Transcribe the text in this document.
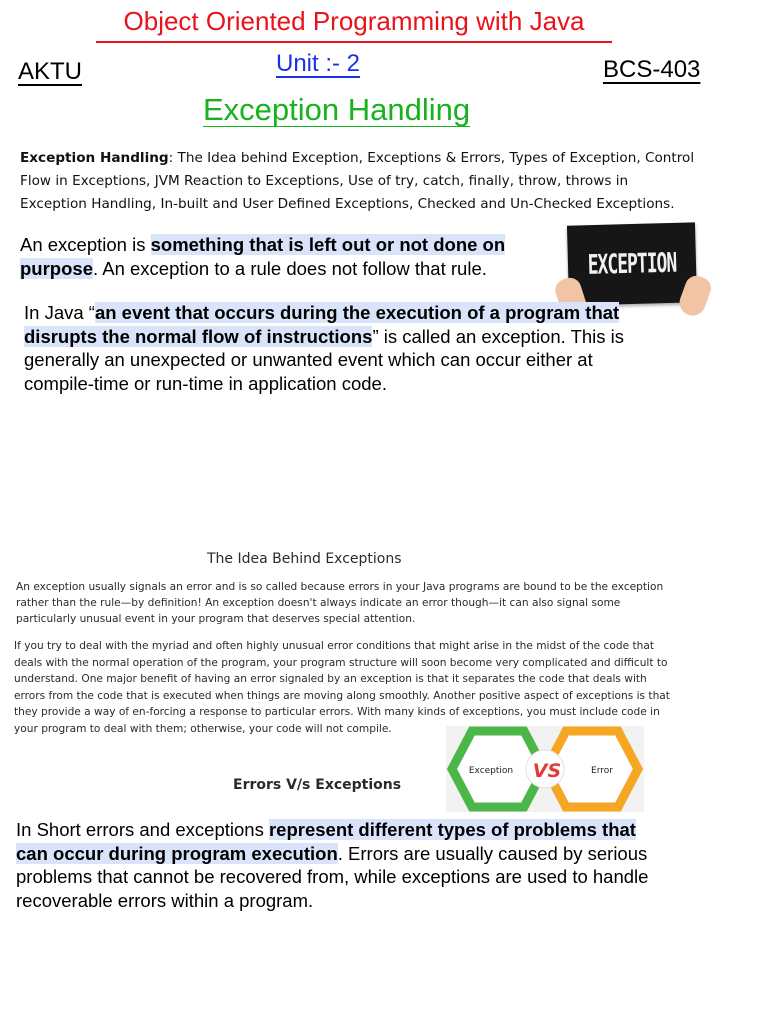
Object Oriented Programming with Java
AKTU	Unit :- 2	BCS-403
Exception Handling
Exception Handling: The Idea behind Exception, Exceptions & Errors, Types of Exception, Control Flow in Exceptions, JVM Reaction to Exceptions, Use of try, catch, finally, throw, throws in Exception Handling, In-built and User Defined Exceptions, Checked and Un-Checked Exceptions.
An exception is something that is left out or not done on purpose. An exception to a rule does not follow that rule.	EXCEPTION
In Java “an event that occurs during the execution of a program that disrupts the normal flow of instructions” is called an exception. This is generally an unexpected or unwanted event which can occur either at compile-time or run-time in application code.
The Idea Behind Exceptions
An exception usually signals an error and is so called because errors in your Java programs are bound to be the exception rather than the rule—by definition! An exception doesn't always indicate an error though—it can also signal some particularly unusual event in your program that deserves special attention.
If you try to deal with the myriad and often highly unusual error conditions that might arise in the midst of the code that deals with the normal operation of the program, your program structure will soon become very complicated and difficult to understand. One major benefit of having an error signaled by an exception is that it separates the code that deals with errors from the code that is executed when things are moving along smoothly. Another positive aspect of exceptions is that they provide a way of en-forcing a response to particular errors. With many kinds of exceptions, you must include code in your program to deal with them; otherwise, your code will not compile.
Errors V/s Exceptions
Exception VS	Error
In Short errors and exceptions represent different types of problems that can occur during program execution. Errors are usually caused by serious problems that cannot be recovered from, while exceptions are used to handle recoverable errors within a program.
